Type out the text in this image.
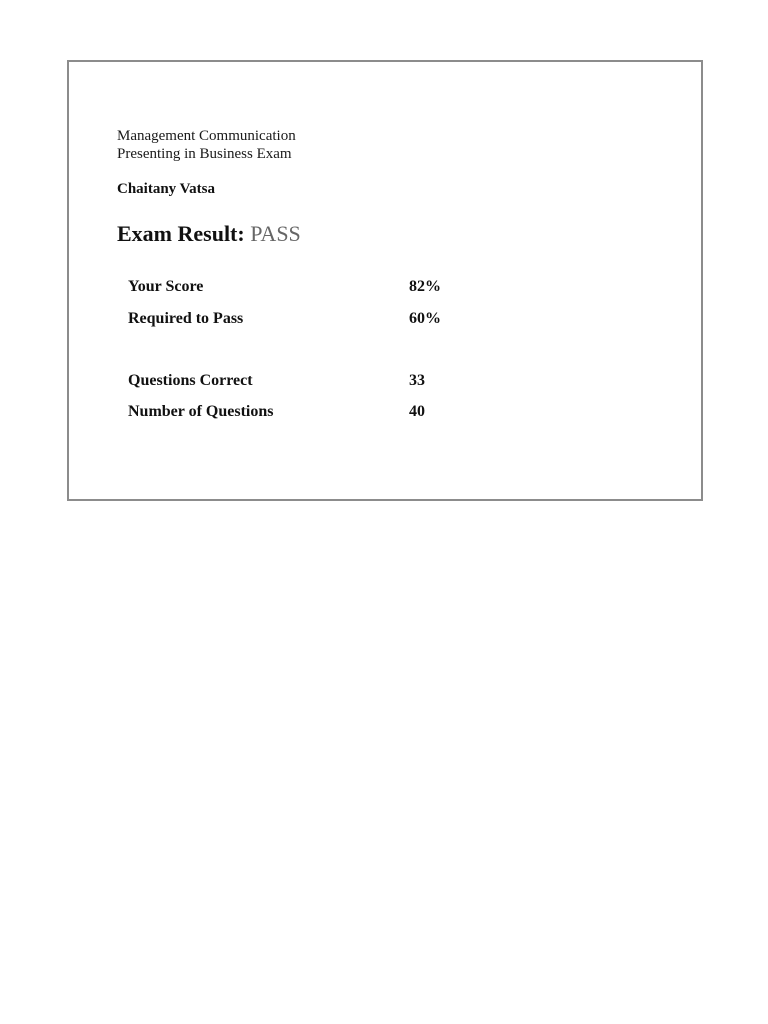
Management Communication
Presenting in Business Exam
Chaitany Vatsa
Exam Result: PASS
Your Score	82%
Required to Pass	60%
Questions Correct	33
Number of Questions	40
